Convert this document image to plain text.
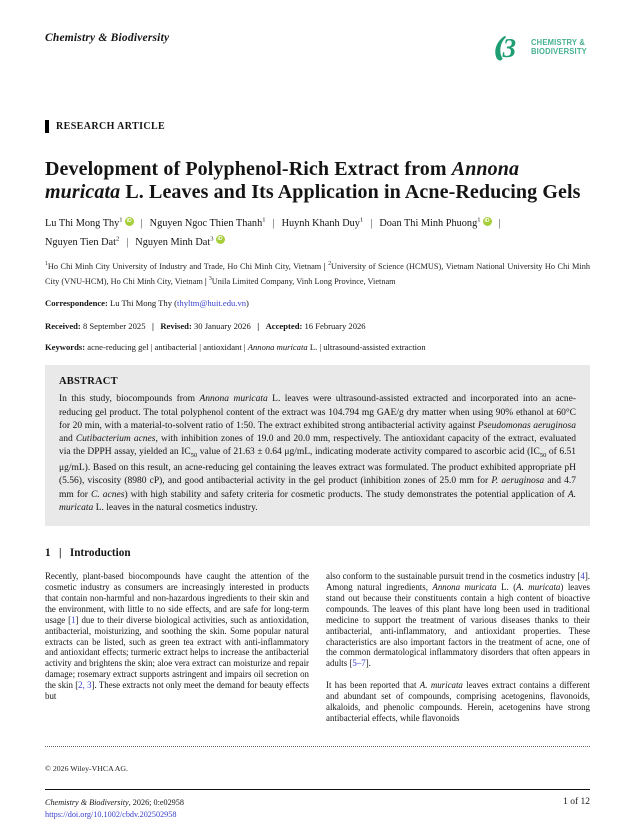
Chemistry & Biodiversity	3 CHEMISTRY &
BIODIVERSITY
RESEARCH ARTICLE
Development of Polyphenol-Rich Extract from Annona muricata L. Leaves and Its Application in Acne-Reducing Gels
Lu Thi Mong Thy$^1$ iD | Nguyen Ngoc Thien Thanh$^1$ | Huynh Khanh Duy$^1$ | Doan Thi Minh Phuong$^1$ iD |
Nguyen Tien Dat$^2$ | Nguyen Minh Dat$^3$ iD
$^1$Ho Chi Minh City University of Industry and Trade, Ho Chi Minh City, Vietnam | $^2$University of Science (HCMUS), Vietnam National University Ho Chi Minh City (VNU-HCM), Ho Chi Minh City, Vietnam | $^3$Unila Limited Company, Vinh Long Province, Vietnam
Correspondence: Lu Thi Mong Thy (thyltm@huit.edu.vn)
Received: 8 September 2025 | Revised: 30 January 2026 | Accepted: 16 February 2026
Keywords: acne-reducing gel | antibacterial | antioxidant | Annona muricata L. | ultrasound-assisted extraction
ABSTRACT
In this study, biocompounds from Annona muricata L. leaves were ultrasound-assisted extracted and incorporated into an acne-reducing gel product. The total polyphenol content of the extract was 104.794 mg GAE/g dry matter when using 90% ethanol at 60°C for 20 min, with a material-to-solvent ratio of 1:50. The extract exhibited strong antibacterial activity against Pseudomonas aeruginosa and Cutibacterium acnes, with inhibition zones of 19.0 and 20.0 mm, respectively. The antioxidant capacity of the extract, evaluated via the DPPH assay, yielded an $IC_{50}$ value of 21.63 ± 0.64 μg/mL, indicating moderate activity compared to ascorbic acid ($IC_{50}$ of 6.51 μg/mL). Based on this result, an acne-reducing gel containing the leaves extract was formulated. The product exhibited appropriate pH (5.56), viscosity (8980 cP), and good antibacterial activity in the gel product (inhibition zones of 25.0 mm for P. aeruginosa and 4.7 mm for C. acnes) with high stability and safety criteria for cosmetic products. The study demonstrates the potential application of A. muricata L. leaves in the natural cosmetics industry.
1   |   Introduction

Recently, plant-based biocompounds have caught the attention of the cosmetic industry as consumers are increasingly interested in products that contain non-harmful and non-hazardous ingredients to their skin and the environment, with little to no side effects, and are safe for long-term usage [1] due to their diverse biological activities, such as antioxidation, antibacterial, moisturizing, and soothing the skin. Some popular natural extracts can be listed, such as green tea extract with anti-inflammatory and antioxidant effects; turmeric extract helps to increase the antibacterial activity and brightens the skin; aloe vera extract can moisturize and repair damage; rosemary extract supports astringent and impairs oil secretion on the skin [2, 3]. These extracts not only meet the demand for beauty effects but

also conform to the sustainable pursuit trend in the cosmetics industry [4]. Among natural ingredients, Annona muricata L. (A. muricata) leaves stand out because their constituents contain a high content of bioactive compounds. The leaves of this plant have long been used in traditional medicine to support the treatment of various diseases thanks to their antibacterial, anti-inflammatory, and antioxidant properties. These characteristics are also important factors in the treatment of acne, one of the common dermatological inflammatory disorders that often appears in adults [5–7].

It has been reported that A. muricata leaves extract contains a different and abundant set of compounds, comprising acetogenins, flavonoids, alkaloids, and phenolic compounds. Herein, acetogenins have strong antibacterial effects, while flavonoids

© 2026 Wiley-VHCA AG.
Chemistry & Biodiversity, 2026; 0:e02958
https://doi.org/10.1002/cbdv.202502958
1 of 12
